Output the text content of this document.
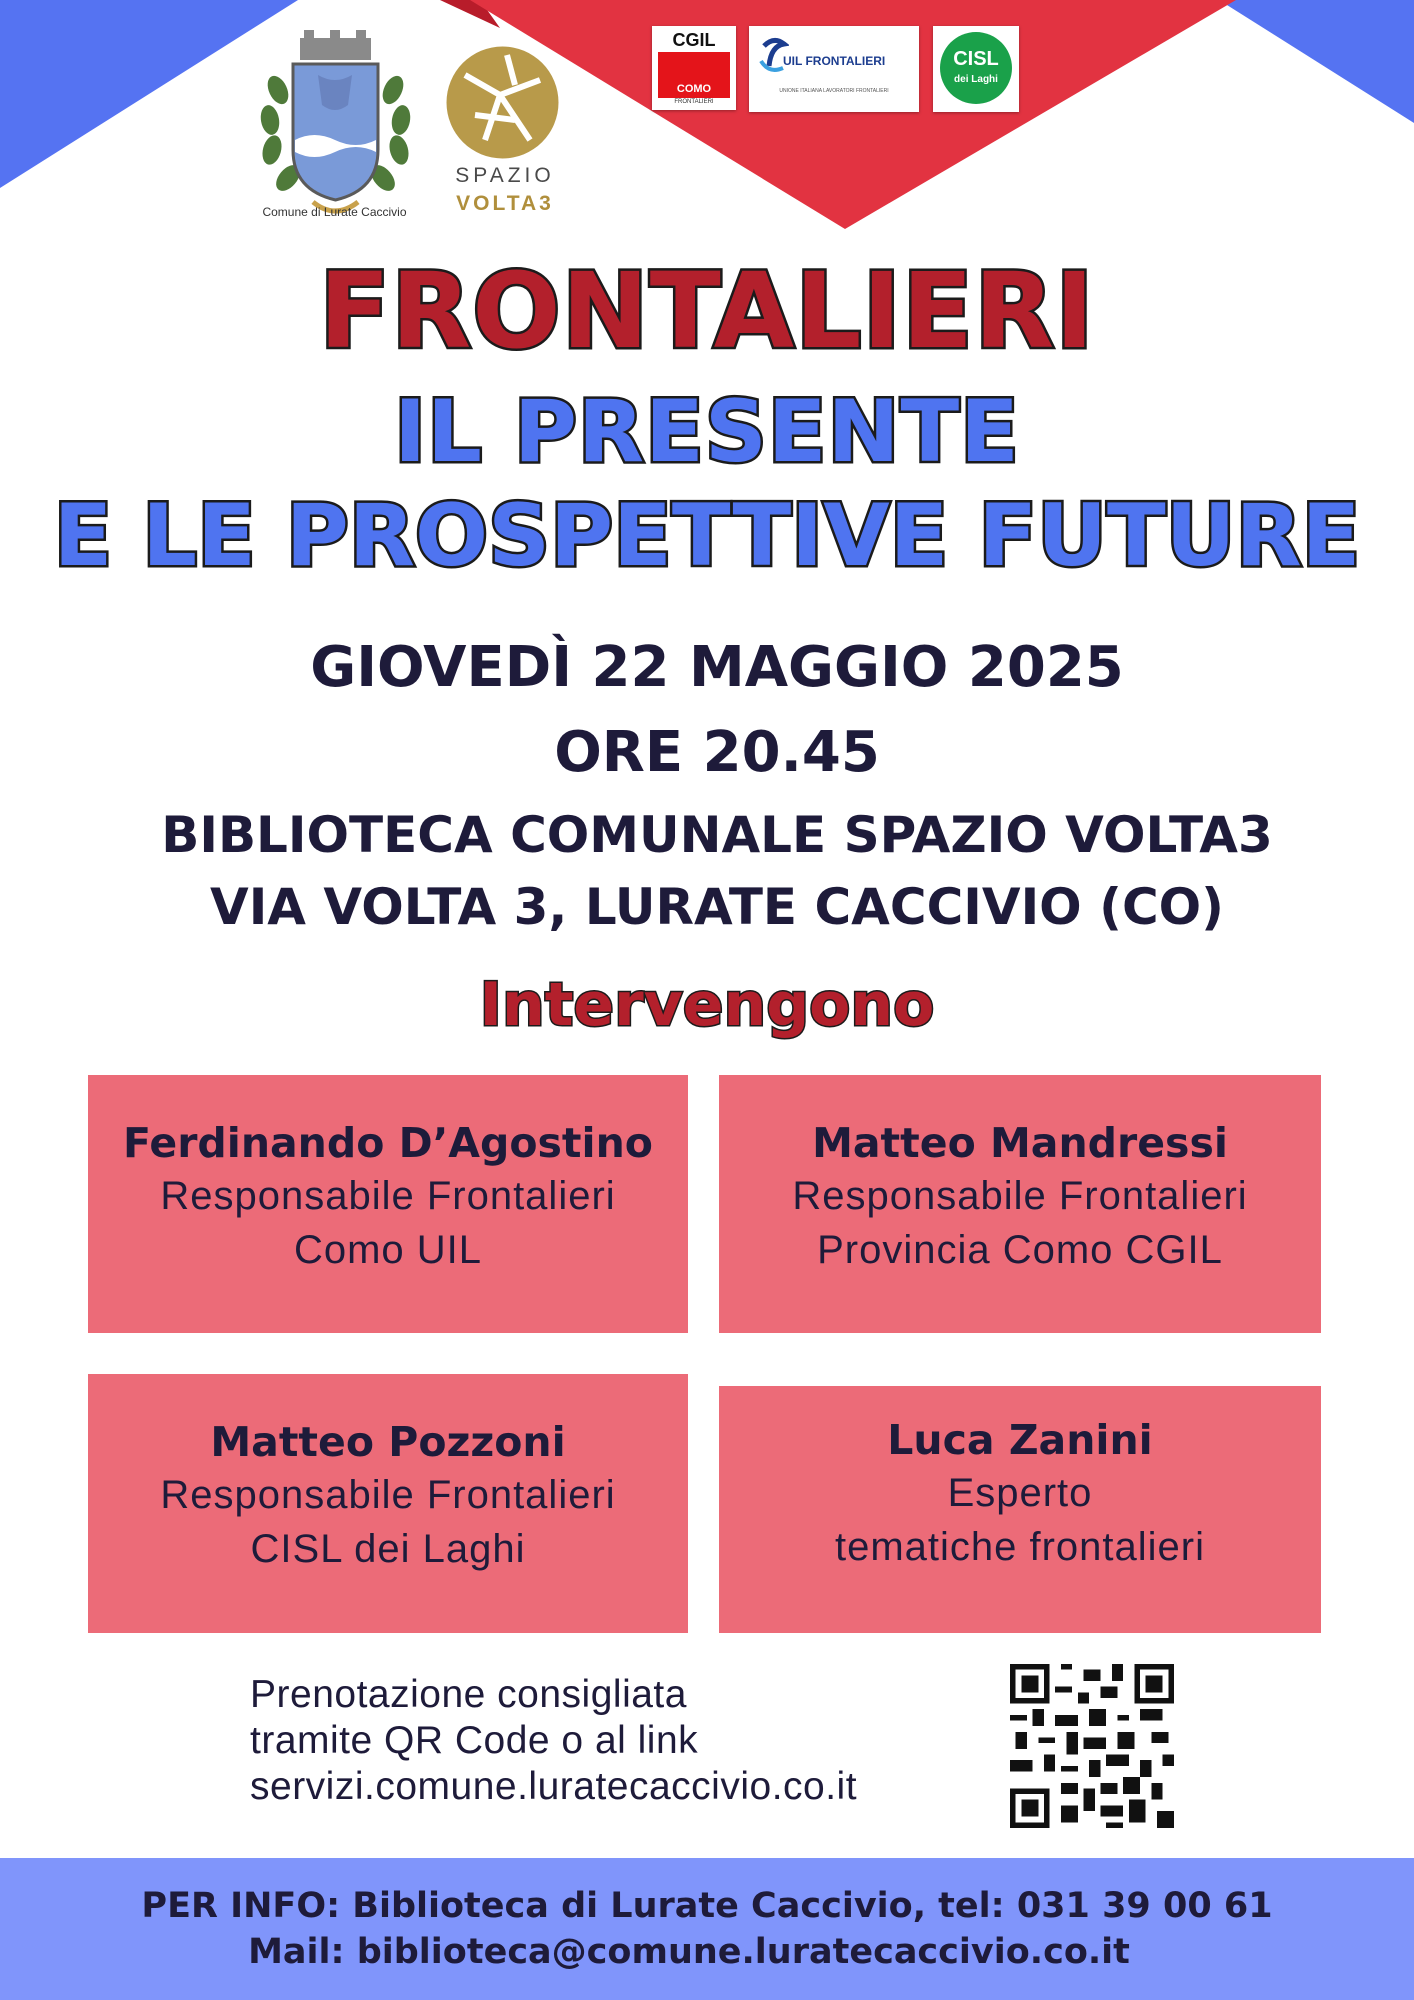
Comune di Lurate Caccivio
SPAZIO
VOLTA3
CGIL
COMO
FRONTALIERI
UIL FRONTALIERI
UNIONE ITALIANA LAVORATORI FRONTALIERI
CISL
dei Laghi
FRONTALIERI
IL PRESENTE
E LE PROSPETTIVE FUTURE
GIOVEDÌ 22 MAGGIO 2025
ORE 20.45
BIBLIOTECA COMUNALE SPAZIO VOLTA3
VIA VOLTA 3, LURATE CACCIVIO (CO)
Intervengono
Ferdinando D’Agostino
Responsabile Frontalieri
Como UIL
Matteo Mandressi
Responsabile Frontalieri
Provincia Como CGIL
Matteo Pozzoni
Responsabile Frontalieri
CISL dei Laghi
Luca Zanini
Esperto
tematiche frontalieri
Prenotazione consigliata
tramite QR Code o al link
servizi.comune.luratecaccivio.co.it
PER INFO: Biblioteca di Lurate Caccivio, tel: 031 39 00 61
Mail: biblioteca@comune.luratecaccivio.co.it
